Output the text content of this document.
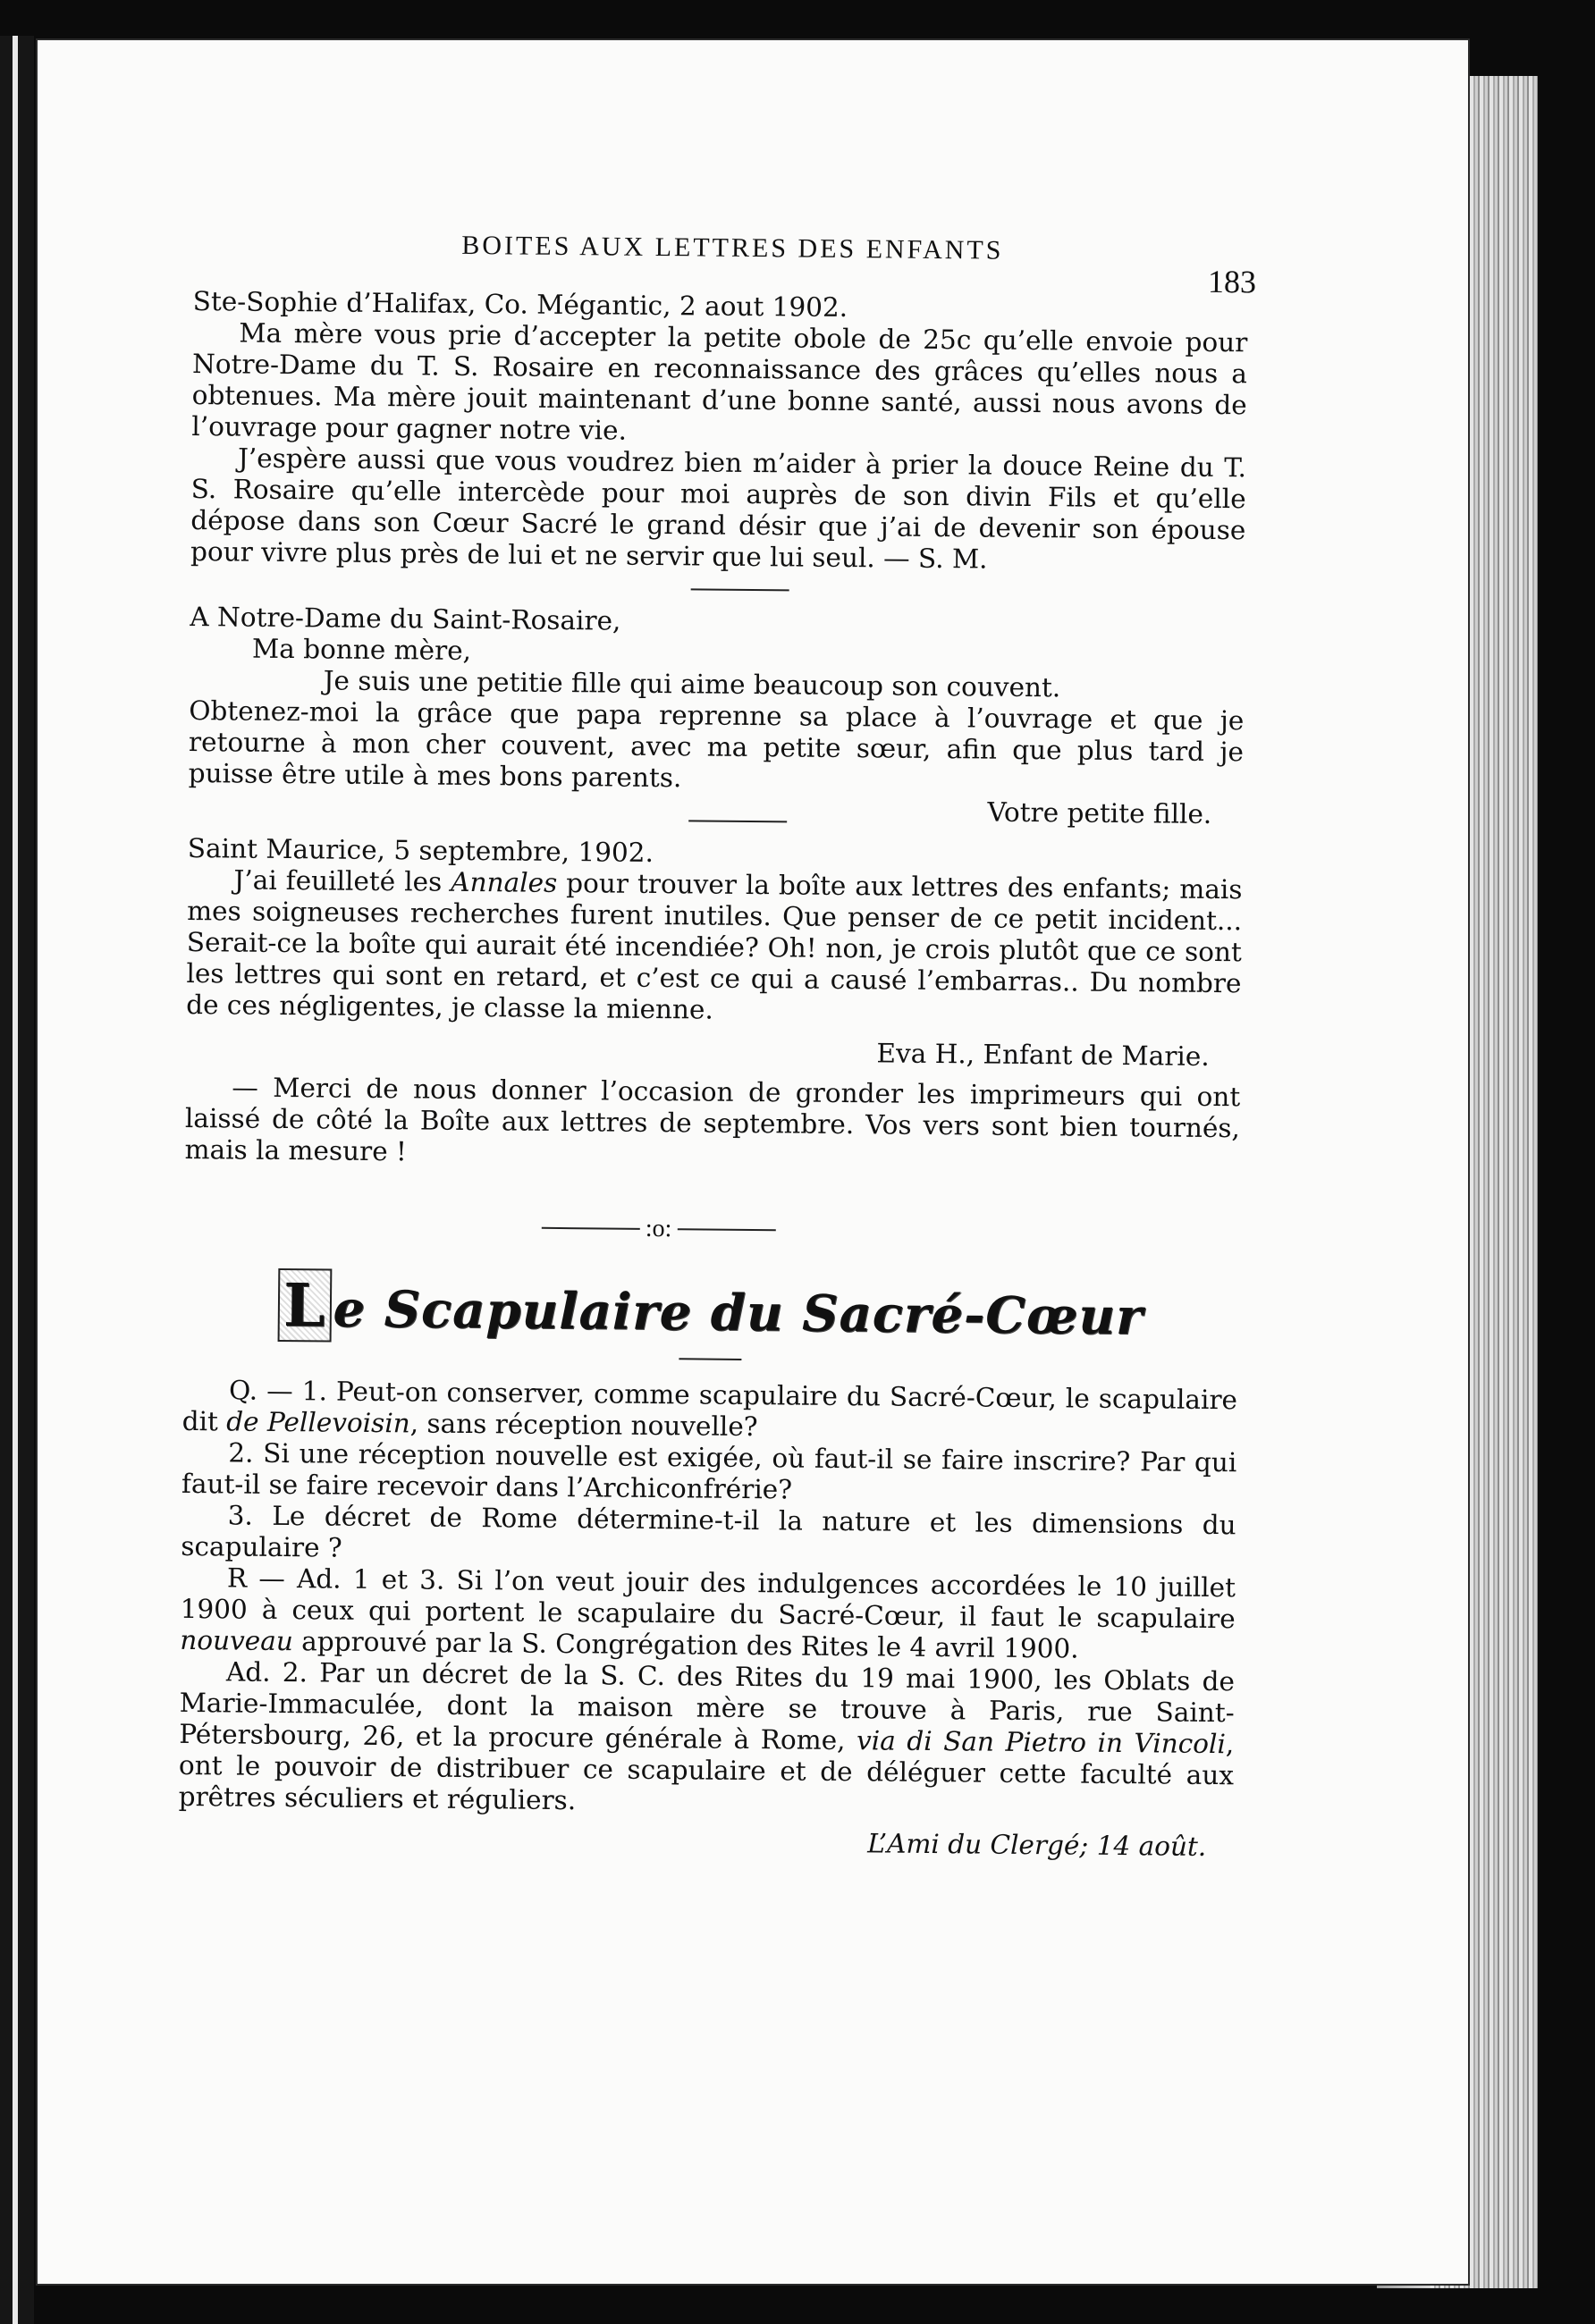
BOITES AUX LETTRES DES ENFANTS
183

Ste-Sophie d’Halifax, Co. Mégantic, 2 aout 1902.

Ma mère vous prie d’accepter la petite obole de 25c qu’elle envoie pour Notre-Dame du T. S. Rosaire en reconnaissance des grâces qu’elles nous a obtenues. Ma mère jouit maintenant d’une bonne santé, aussi nous avons de l’ouvrage pour gagner notre vie.

J’espère aussi que vous voudrez bien m’aider à prier la douce Reine du T. S. Rosaire qu’elle intercède pour moi auprès de son divin Fils et qu’elle dépose dans son Cœur Sacré le grand désir que j’ai de devenir son épouse pour vivre plus près de lui et ne servir que lui seul. — S. M.

A Notre-Dame du Saint-Rosaire,

Ma bonne mère,

Je suis une petitie fille qui aime beaucoup son couvent.

Obtenez-moi la grâce que papa reprenne sa place à l’ouvrage et que je retourne à mon cher couvent, avec ma petite sœur, afin que plus tard je puisse être utile à mes bons parents.

Votre petite fille.

Saint Maurice, 5 septembre, 1902.

J’ai feuilleté les Annales pour trouver la boîte aux lettres des enfants; mais mes soigneuses recherches furent inutiles. Que penser de ce petit incident... Serait-ce la boîte qui aurait été incendiée? Oh! non, je crois plutôt que ce sont les lettres qui sont en retard, et c’est ce qui a causé l’embarras.. Du nombre de ces négligentes, je classe la mienne.

Eva H., Enfant de Marie.

— Merci de nous donner l’occasion de gronder les imprimeurs qui ont laissé de côté la Boîte aux lettres de septembre. Vos vers sont bien tournés, mais la mesure !

:o:
L e Scapulaire du Sacré-Cœur

Q. — 1. Peut-on conserver, comme scapulaire du Sacré-Cœur, le scapulaire dit de Pellevoisin, sans réception nouvelle?

2. Si une réception nouvelle est exigée, où faut-il se faire inscrire? Par qui faut-il se faire recevoir dans l’Archiconfrérie?

3. Le décret de Rome détermine-t-il la nature et les dimensions du scapulaire ?

R — Ad. 1 et 3. Si l’on veut jouir des indulgences accordées le 10 juillet 1900 à ceux qui portent le scapulaire du Sacré-Cœur, il faut le scapulaire nouveau approuvé par la S. Congrégation des Rites le 4 avril 1900.

Ad. 2. Par un décret de la S. C. des Rites du 19 mai 1900, les Oblats de Marie-Immaculée, dont la maison mère se trouve à Paris, rue Saint-Pétersbourg, 26, et la procure générale à Rome, via di San Pietro in Vincoli, ont le pouvoir de distribuer ce scapulaire et de déléguer cette faculté aux prêtres séculiers et réguliers.

L’Ami du Clergé; 14 août.
